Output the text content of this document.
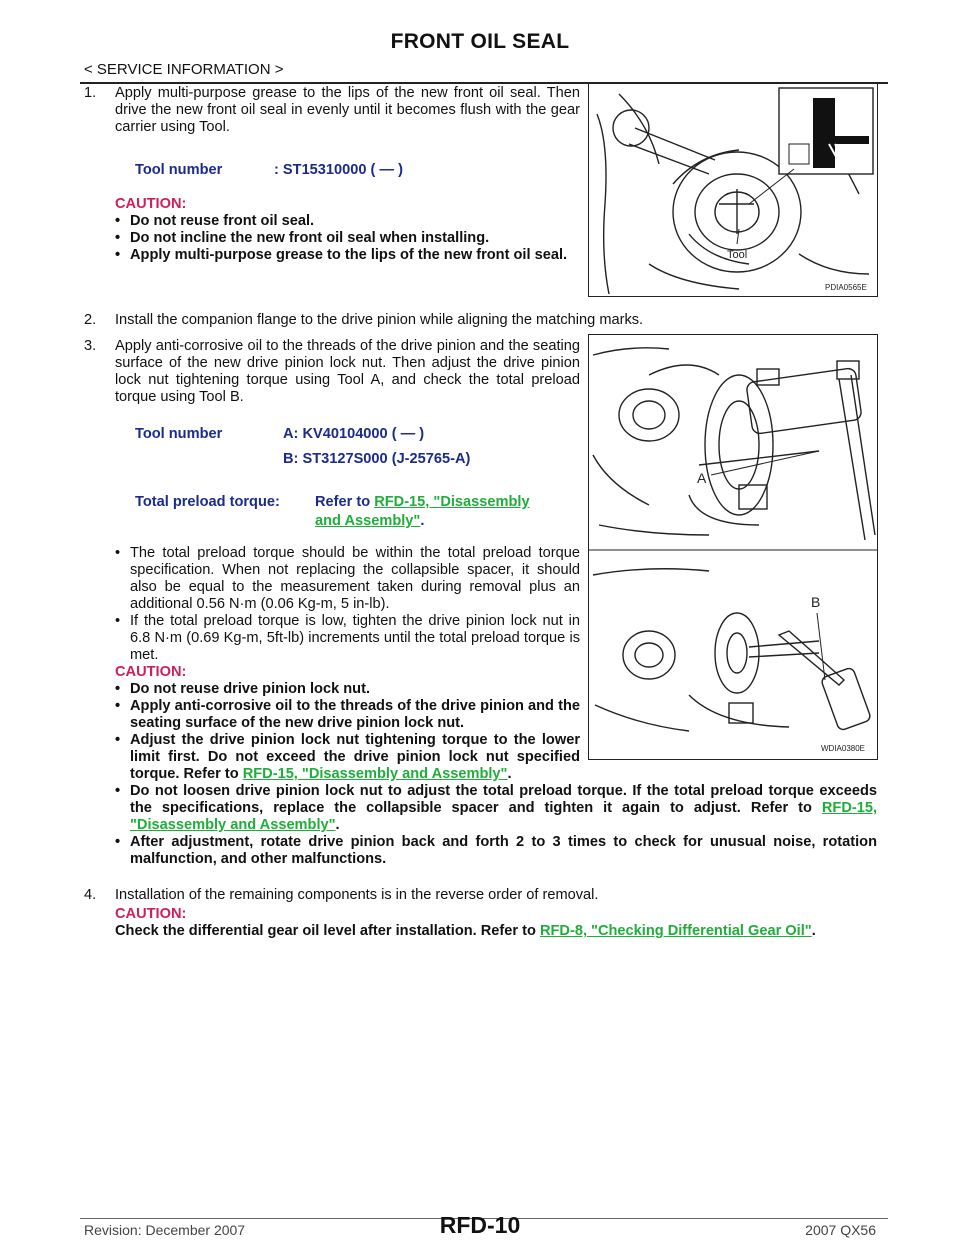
FRONT OIL SEAL
< SERVICE INFORMATION >
1. Apply multi-purpose grease to the lips of the new front oil seal. Then drive the new front oil seal in evenly until it becomes flush with the gear carrier using Tool.
Tool number	: ST15310000 ( — )
CAUTION:
• Do not reuse front oil seal.
• Do not incline the new front oil seal when installing.
• Apply multi-purpose grease to the lips of the new front oil seal.	Tool
PDIA0565E
2. Install the companion flange to the drive pinion while aligning the matching marks.
3. Apply anti-corrosive oil to the threads of the drive pinion and the seating surface of the new drive pinion lock nut. Then adjust the drive pinion lock nut tightening torque using Tool A, and check the total preload torque using Tool B.
Tool number	A: KV40104000 ( — )
B: ST3127S000 (J-25765-A)
Total preload torque: Refer to RFD-15, "Disassembly
and Assembly".
• The total preload torque should be within the total preload torque specification. When not replacing the collapsible spacer, it should also be equal to the measurement taken during removal plus an additional 0.56 N·m (0.06 Kg-m, 5 in-lb).
• If the total preload torque is low, tighten the drive pinion lock nut in 6.8 N·m (0.69 Kg-m, 5ft-lb) increments until the total preload torque is met.
CAUTION:
• Do not reuse drive pinion lock nut.
• Apply anti-corrosive oil to the threads of the drive pinion and the seating surface of the new drive pinion lock nut.
• Adjust the drive pinion lock nut tightening torque to the lower limit first. Do not exceed the drive pinion lock nut specified torque. Refer to RFD-15, "Disassembly and Assembly".
• Do not loosen drive pinion lock nut to adjust the total preload torque. If the total preload torque exceeds the specifications, replace the collapsible spacer and tighten it again to adjust. Refer to RFD-15, "Disassembly and Assembly".
• After adjustment, rotate drive pinion back and forth 2 to 3 times to check for unusual noise, rotation malfunction, and other malfunctions.
A
B
WDIA0380E
4. Installation of the remaining components is in the reverse order of removal.
CAUTION:
Check the differential gear oil level after installation. Refer to RFD-8, "Checking Differential Gear Oil".
Revision: December 2007	RFD-10	2007 QX56
